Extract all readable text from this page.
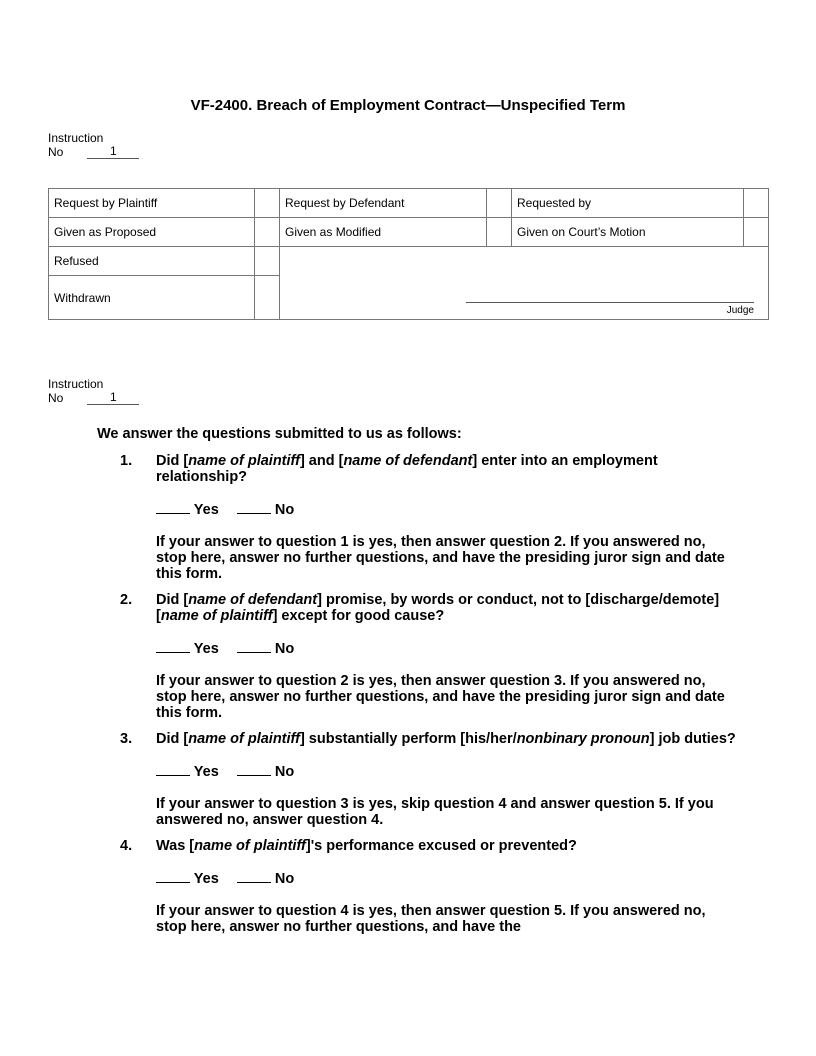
VF-2400. Breach of Employment Contract—Unspecified Term
Instruction
No	1
Request by Plaintiff		Request by Defendant		Requested by	
Given as Proposed		Given as Modified		Given on Court’s Motion	
Refused		Judge			

Withdrawn					
Instruction
No	1
We answer the questions submitted to us as follows:
1.	Did [name of plaintiff] and [name of defendant] enter into an employment relationship?
Yes	No
If your answer to question 1 is yes, then answer question 2. If you answered no, stop here, answer no further questions, and have the presiding juror sign and date this form.
2.	Did [name of defendant] promise, by words or conduct, not to [discharge/demote] [name of plaintiff] except for good cause?
Yes	No
If your answer to question 2 is yes, then answer question 3. If you answered no, stop here, answer no further questions, and have the presiding juror sign and date this form.
3.	Did [name of plaintiff] substantially perform [his/her/nonbinary pronoun] job duties?
Yes	No
If your answer to question 3 is yes, skip question 4 and answer question 5. If you answered no, answer question 4.
4.	Was [name of plaintiff]'s performance excused or prevented?
Yes	No
If your answer to question 4 is yes, then answer question 5. If you answered no, stop here, answer no further questions, and have the
